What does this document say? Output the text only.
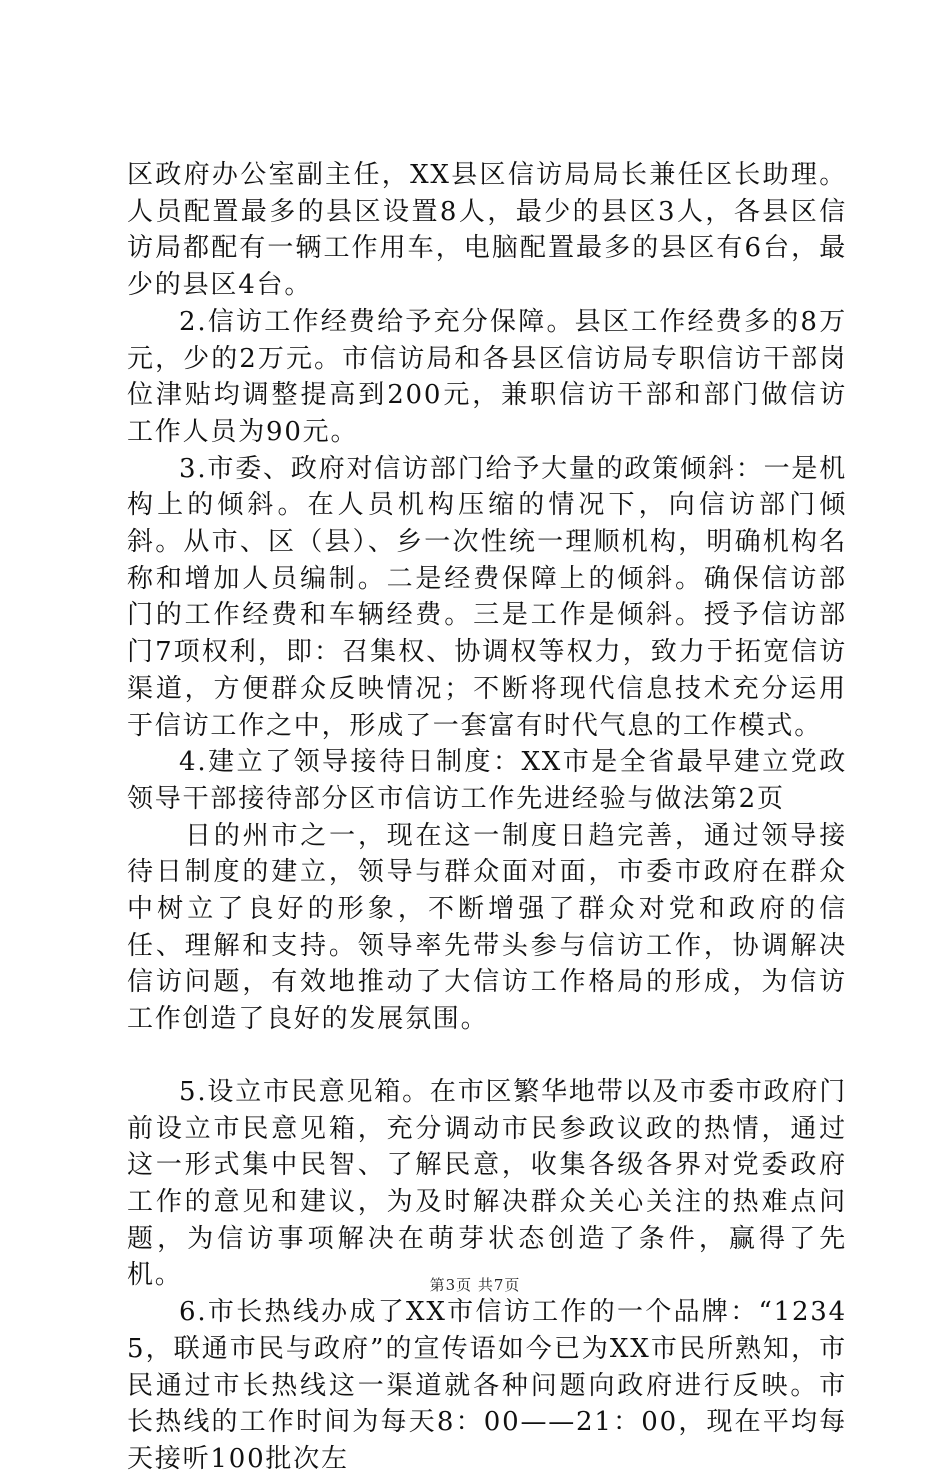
区政府办公室副主任，XX县区信访局局长兼任区长助理。人员配置最多的县区设置8人，最少的县区3人，各县区信访局都配有一辆工作用车，电脑配置最多的县区有6台，最少的县区4台。

2.信访工作经费给予充分保障。县区工作经费多的8万元，少的2万元。市信访局和各县区信访局专职信访干部岗位津贴均调整提高到200元，兼职信访干部和部门做信访工作人员为90元。

3.市委、政府对信访部门给予大量的政策倾斜：一是机构上的倾斜。在人员机构压缩的情况下，向信访部门倾斜。从市、区（县）、乡一次性统一理顺机构，明确机构名称和增加人员编制。二是经费保障上的倾斜。确保信访部门的工作经费和车辆经费。三是工作是倾斜。授予信访部门7项权利，即：召集权、协调权等权力，致力于拓宽信访渠道，方便群众反映情况；不断将现代信息技术充分运用于信访工作之中，形成了一套富有时代气息的工作模式。

4.建立了领导接待日制度：XX市是全省最早建立党政领导干部接待部分区市信访工作先进经验与做法第2页

日的州市之一，现在这一制度日趋完善，通过领导接待日制度的建立，领导与群众面对面，市委市政府在群众中树立了良好的形象，不断增强了群众对党和政府的信任、理解和支持。领导率先带头参与信访工作，协调解决信访问题，有效地推动了大信访工作格局的形成，为信访工作创造了良好的发展氛围。

5.设立市民意见箱。在市区繁华地带以及市委市政府门前设立市民意见箱，充分调动市民参政议政的热情，通过这一形式集中民智、了解民意，收集各级各界对党委政府工作的意见和建议，为及时解决群众关心关注的热难点问题，为信访事项解决在萌芽状态创造了条件，赢得了先机。

6.市长热线办成了XX市信访工作的一个品牌：“12345，联通市民与政府”的宣传语如今已为XX市民所熟知，市民通过市长热线这一渠道就各种问题向政府进行反映。市长热线的工作时间为每天8：00——21：00，现在平均每天接听100批次左

第3页 共7页
